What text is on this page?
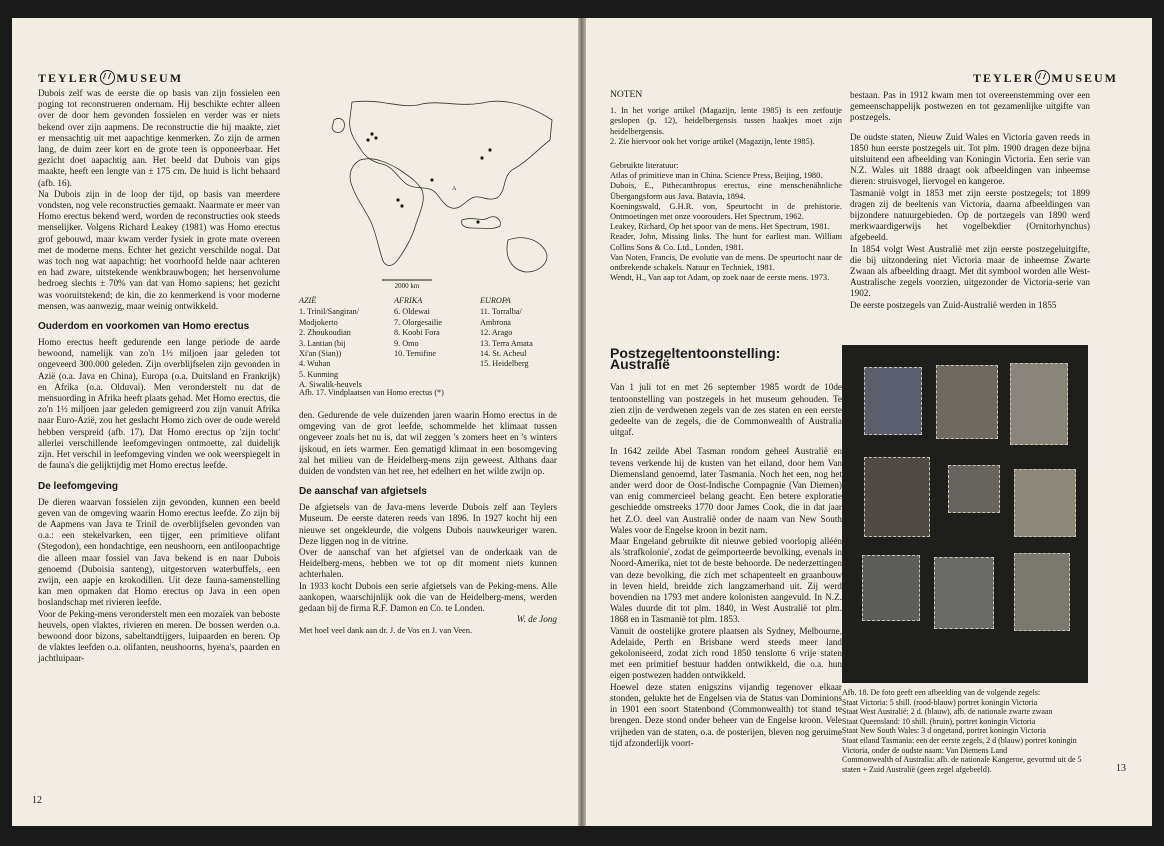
TEYLER MUSEUM

Dubois zelf was de eerste die op basis van zijn fossielen een poging tot reconstrueren ondernam. Hij beschikte echter alleen over de door hem gevonden fossielen en verder was er niets bekend over zijn aapmens. De reconstructie die hij maakte, ziet er mensachtig uit met aapachtige kenmerken. Zo zijn de armen lang, de duim zeer kort en de grote teen is opponeerbaar. Het gezicht doet aapachtig aan. Het beeld dat Dubois van gips maakte, heeft een lengte van ± 175 cm. De huid is licht behaard (afb. 16).

Na Dubois zijn in de loop der tijd, op basis van meerdere vondsten, nog vele reconstructies gemaakt. Naarmate er meer van Homo erectus bekend werd, worden de reconstructies ook steeds menselijker. Volgens Richard Leakey (1981) was Homo erectus grof gebouwd, maar kwam verder fysiek in grote mate overeen met de moderne mens. Echter het gezicht verschilde nogal. Dat was toch nog wat aapachtig: het voorhoofd helde naar achteren en had zware, uitstekende wenkbrauwbogen; het hersenvolume bedroeg slechts ± 70% van dat van Homo sapiens; het gezicht was vooruitstekend; de kin, die zo kenmerkend is voor moderne mensen, was aanwezig, maar weinig ontwikkeld.

Ouderdom en voorkomen van Homo erectus

Homo erectus heeft gedurende een lange periode de aarde bewoond, namelijk van zo'n 1½ miljoen jaar geleden tot ongeveerd 300.000 geleden. Zijn overblijfselen zijn gevonden in Azië (o.a. Java en China), Europa (o.a. Duitsland en Frankrijk) en Afrika (o.a. Olduvai). Men veronderstelt nu dat de mensuording in Afrika heeft plaats gehad. Met Homo erectus, die zo'n 1½ miljoen jaar geleden gemigreerd zou zijn vanuit Afrika naar Euro-Azië, zou het geslacht Homo zich over de oude wereld hebben verspreid (afb. 17). Dat Homo erectus op 'zijn tocht' allerlei verschillende leefomgevingen ontmoette, zal duidelijk zijn. Het verschil in leefomgeving vinden we ook weerspiegelt in de fauna's die gelijktijdig met Homo erectus leefde.

De leefomgeving

De dieren waarvan fossielen zijn gevonden, kunnen een beeld geven van de omgeving waarin Homo erectus leefde. Zo zijn bij de Aapmens van Java te Trinil de overblijfselen gevonden van o.a.: een stekelvarken, een tijger, een primitieve olifant (Stegodon), een hondachtige, een neushoorn, een antiloopachtige die alleen maar fossiel van Java bekend is en naar Dubois genoemd (Duboisia santeng), uitgestorven waterbuffels, een zwijn, een aapje en krokodillen. Uit deze fauna-samenstelling kan men opmaken dat Homo erectus op Java in een open boslandschap met rivieren leefde.

Voor de Peking-mens veronderstelt men een mozaïek van beboste heuvels, open vlaktes, rivieren en meren. De bossen werden o.a. bewoond door bizons, sabeltandtijgers, luipaarden en beren. Op de vlaktes leefden o.a. olifanten, neushoorns, hyena's, paarden en jachtluipaar-

2000 km
A
AZIË
1. Trinil/Sangiran/
Modjokerto
2. Zhoukoudian
3. Lantian (bij
Xi'an (Sian))
4. Wuhan
5. Kunming
A. Siwalik-heuvels
AFRIKA
6. Oldewai
7. Olorgesailie
8. Koobi Fora
9. Omo
10. Ternifine
EUROPA
11. Torralba/
Ambrona
12. Arago
13. Terra Amata
14. St. Acheul
15. Heidelberg
Afb. 17. Vindplaatsen van Homo erectus (*)

den. Gedurende de vele duizenden jaren waarin Homo erectus in de omgeving van de grot leefde, schommelde het klimaat tussen ongeveer zoals het nu is, dat wil zeggen 's zomers heet en 's winters ijskoud, en iets warmer. Een gematigd klimaat in een bosomgeving zal het milieu van de Heidelberg-mens zijn geweest. Althans daar duiden de vondsten van het ree, het edelhert en het wilde zwijn op.

De aanschaf van afgietsels

De afgietsels van de Java-mens leverde Dubois zelf aan Teylers Museum. De eerste dateren reeds van 1896. In 1927 kocht hij een nieuwe set ongekleurde, die volgens Dubois nauwkeuriger waren. Deze liggen nog in de vitrine.

Over de aanschaf van het afgietsel van de onderkaak van de Heidelberg-mens, hebben we tot op dit moment niets kunnen achterhalen.

In 1933 kocht Dubois een serie afgietsels van de Peking-mens. Alle aankopen, waarschijnlijk ook die van de Heidelberg-mens, werden gedaan bij de firma R.F. Damon en Co. te Londen.

W. de Jong

Met hoel veel dank aan dr. J. de Vos en J. van Veen.

12
TEYLER MUSEUM
NOTEN

1. In het vorige artikel (Magazijn, lente 1985) is een zetfoutje geslopen (p. 12), heidelbergensis tussen haakjes moet zijn heidelbergensis.

2. Zie hiervoor ook het vorige artikel (Magazijn, lente 1985).

Gebruikte literatuur:

Atlas of primitieve man in China. Science Press, Beijing, 1980.
Dubois, E., Pithecanthropus erectus, eine menschenähnliche Übergangsform aus Java. Batavia, 1894.
Koeningswald, G.H.R. von, Speurtocht in de prehistorie. Ontmoetingen met onze voorouders. Het Spectrum, 1962.
Leakey, Richard, Op het spoor van de mens. Het Spectrum, 1981.
Reader, John, Missing links. The hunt for earliest man. William Collins Sons & Co. Ltd., Londen, 1981.
Van Noten, Francis, De evolutie van de mens. De speurtocht naar de ontbrekende schakels. Natuur en Techniek, 1981.
Wendt, H., Van aap tot Adam, op zoek naar de eerste mens. 1973.
Postzegeltentoonstelling: Australië

Van 1 juli tot en met 26 september 1985 wordt de 10de tentoonstelling van postzegels in het museum gehouden. Te zien zijn de verdwenen zegels van de zes staten en een eerste gedeelte van de zegels, die de Commonwealth of Australia uitgaf.

In 1642 zeilde Abel Tasman rondom geheel Australië en tevens verkende hij de kusten van het eiland, door hem Van Diemensland genoemd, later Tasmania. Noch het een, nog het ander werd door de Oost-Indische Compagnie (Van Diemen) van enig commercieel belang geacht. Een betere exploratie geschiedde omstreeks 1770 door James Cook, die in dat jaar het Z.O. deel van Australië onder de naam van New South Wales voor de Engelse kroon in bezit nam.

Maar Engeland gebruikte dit nieuwe gebied voorlopig alléén als 'strafkolonie', zodat de geïmporteerde bevolking, evenals in Noord-Amerika, niet tot de beste behoorde. De nederzettingen van deze bevolking, die zich met schapenteelt en graanbouw in leven hield, breidde zich langzamerhand uit. Zij werd bovendien na 1793 met andere kolonisten aangevuld. In N.Z. Wales duurde dit tot plm. 1840, in West Australië tot plm. 1868 en in Tasmanië tot plm. 1853.

Vanuit de oostelijke grotere plaatsen als Sydney, Melbourne, Adelaide, Perth en Brisbane werd steeds meer land gekoloniseerd, zodat zich rond 1850 tenslotte 6 vrije staten met een primitief bestuur hadden ontwikkeld, die o.a. hun eigen postwezen hadden ontwikkeld.

Hoewel deze staten enigszins vijandig tegenover elkaar stonden, gelukte het de Engelsen via de Status van Dominions in 1901 een soort Statenbond (Commonwealth) tot stand te brengen. Deze stond onder beheer van de Engelse kroon. Vele vrijheden van de staten, o.a. de posterijen, bleven nog geruime tijd afzonderlijk voort-

bestaan. Pas in 1912 kwam men tot overeenstemming over een gemeenschappelijk postwezen en tot gezamenlijke uitgifte van postzegels.

De oudste staten, Nieuw Zuid Wales en Victoria gaven reeds in 1850 hun eerste postzegels uit. Tot plm. 1900 dragen deze bijna uitsluitend een afbeelding van Koningin Victoria. Een serie van N.Z. Wales uit 1888 draagt ook afbeeldingen van inheemse dieren: struisvogel, liervogel en kangeroe.

Tasmanië volgt in 1853 met zijn eerste postzegels; tot 1899 dragen zij de beeltenis van Victoria, daarna afbeeldingen van bijzondere natuurgebieden. Op de portzegels van 1890 werd merkwaardigerwijs het vogelbekdier (Ornitorhynchus) afgebeeld.

In 1854 volgt West Australië met zijn eerste postzegeluitgifte, die bij uitzondering niet Victoria maar de inheemse Zwarte Zwaan als afbeelding draagt. Met dit symbool worden alle West-Australische zegels voorzien, uitgezonder de Victoria-serie van 1902.

De eerste postzegels van Zuid-Australië werden in 1855

Afb. 18. De foto geeft een afbeelding van de volgende zegels:
Staat Victoria: 5 shill. (rood-blauw) portret koningin Victoria
Staat West Australië: 2 d. (blauw), afb. de nationale zwarte zwaan
Staat Queensland: 10 shill. (bruin), portret koningin Victoria
Staat New South Wales: 3 d ongetand, portret koningin Victoria
Staat eiland Tasmania: een der eerste zegels, 2 d (blauw) portret koningin Victoria, onder de oudste naam: Van Diemens Land
Commonwealth of Australia: afb. de nationale Kangeroe, gevormd uit de 5 staten + Zuid Australië (geen zegel afgebeeld).	13
